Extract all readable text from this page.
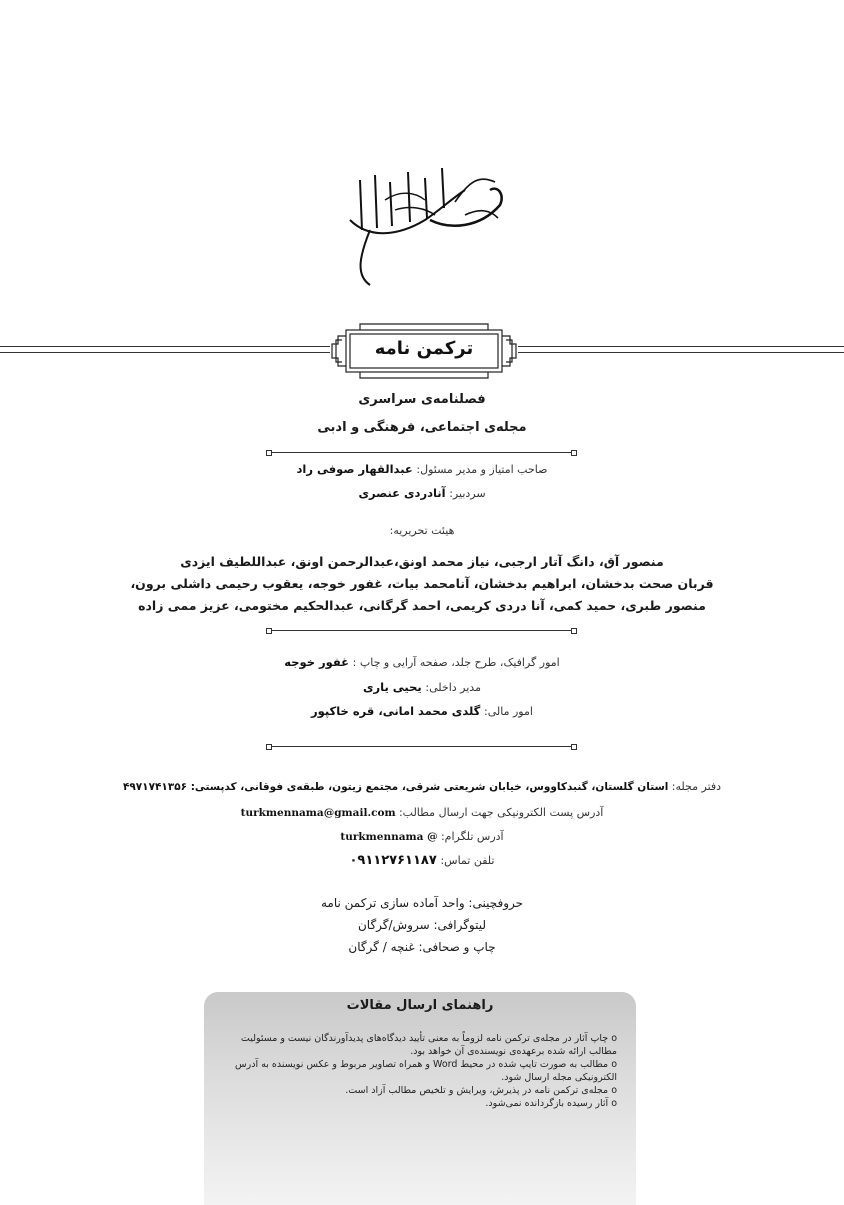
ترکمن نامه
فصلنامه‌ی سراسری
مجله‌ی اجتماعی، فرهنگی و ادبی
صاحب امتیاز و مدیر مسئول: عبدالقهار صوفی راد
سردبیر: آنادردی عنصری
هیئت تحریریه:
منصور آق، دانگ آتار ارجبی، نیاز محمد اونق،عبدالرحمن اونق، عبداللطیف ایزدی
قربان صحت بدخشان، ابراهیم بدخشان، آنامحمد بیات، غفور خوجه، یعقوب رحیمی داشلی برون،
منصور طبری، حمید کمی، آنا دردی کریمی، احمد گرگانی، عبدالحکیم مختومی، عزیز ممی زاده
امور گرافیک، طرح جلد، صفحه آرایی و چاپ : غفور خوجه
مدیر داخلی: یحیی یاری
امور مالی: گلدی محمد امانی، قره خاکپور
دفتر مجله: استان گلستان، گنبدکاووس، خیابان شریعتی شرقی، مجتمع زیتون، طبقه‌ی فوقانی، کدپستی: ۴۹۷۱۷۴۱۳۵۶
آدرس پست الکترونیکی جهت ارسال مطالب: turkmennama@gmail.com
آدرس تلگرام: @ turkmennama
تلفن تماس: ۰۹۱۱۲۷۶۱۱۸۷
حروفچینی: واحد آماده سازی ترکمن نامه
لیتوگرافی: سروش/گرگان
چاپ و صحافی: غنچه / گرگان
راهنمای ارسال مقالات
o چاپ آثار در مجله‌ی ترکمن نامه لزوماً به معنی تأیید دیدگاه‌های پدیدآورندگان نیست و مسئولیت مطالب ارائه شده برعهده‌ی نویسنده‌ی آن خواهد بود.
o مطالب به صورت تایپ شده در محیط Word و همراه تصاویر مربوط و عکس نویسنده به آدرس الکترونیکی مجله ارسال شود.
o مجله‌ی ترکمن نامه در پذیرش، ویرایش و تلخیص مطالب آزاد است.
o آثار رسیده بازگردانده نمی‌شود.
